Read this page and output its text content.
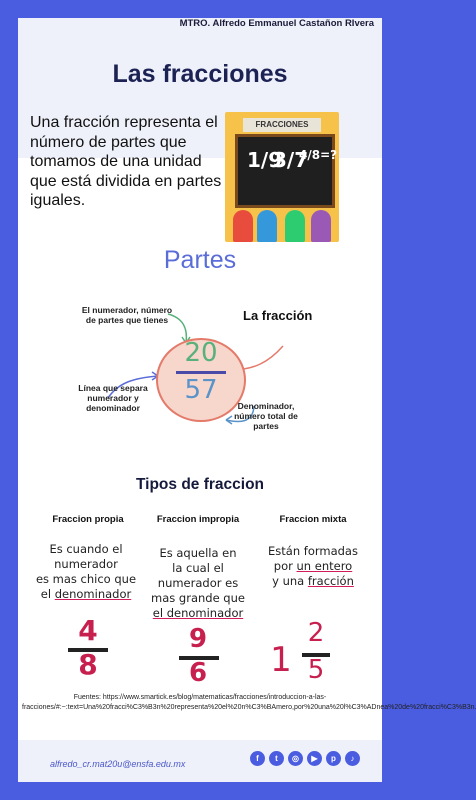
MTRO. Alfredo Emmanuel Castañon RIvera
Las fracciones
Una fracción representa el número de partes que tomamos de una unidad que está dividida en partes iguales.
FRACCIONES
1/9
3/7
4/8=?
Partes
El numerador, número de partes que tienes	La fracción
20
57
Línea que separa numerador y denominador	Denominador, número total de partes
Tipos de fraccion
Fraccion propia	Fraccion impropia	Fraccion mixta
Es cuando el
numerador
es mas chico que
el denominador
4
8
Es aquella en
la cual el
numerador es
mas grande que
el denominador
9
6
Están formadas
por un entero
y una fracción
1
2
5
Fuentes: https://www.smartick.es/blog/matematicas/fracciones/introduccion-a-las-fracciones/#:~:text=Una%20fracci%C3%B3n%20representa%20el%20n%C3%BAmero,por%20una%20l%C3%ADnea%20de%20fracci%C3%B3n.
alfredo_cr.mat20u@ensfa.edu.mx
f	t	◎	▶	p	♪
